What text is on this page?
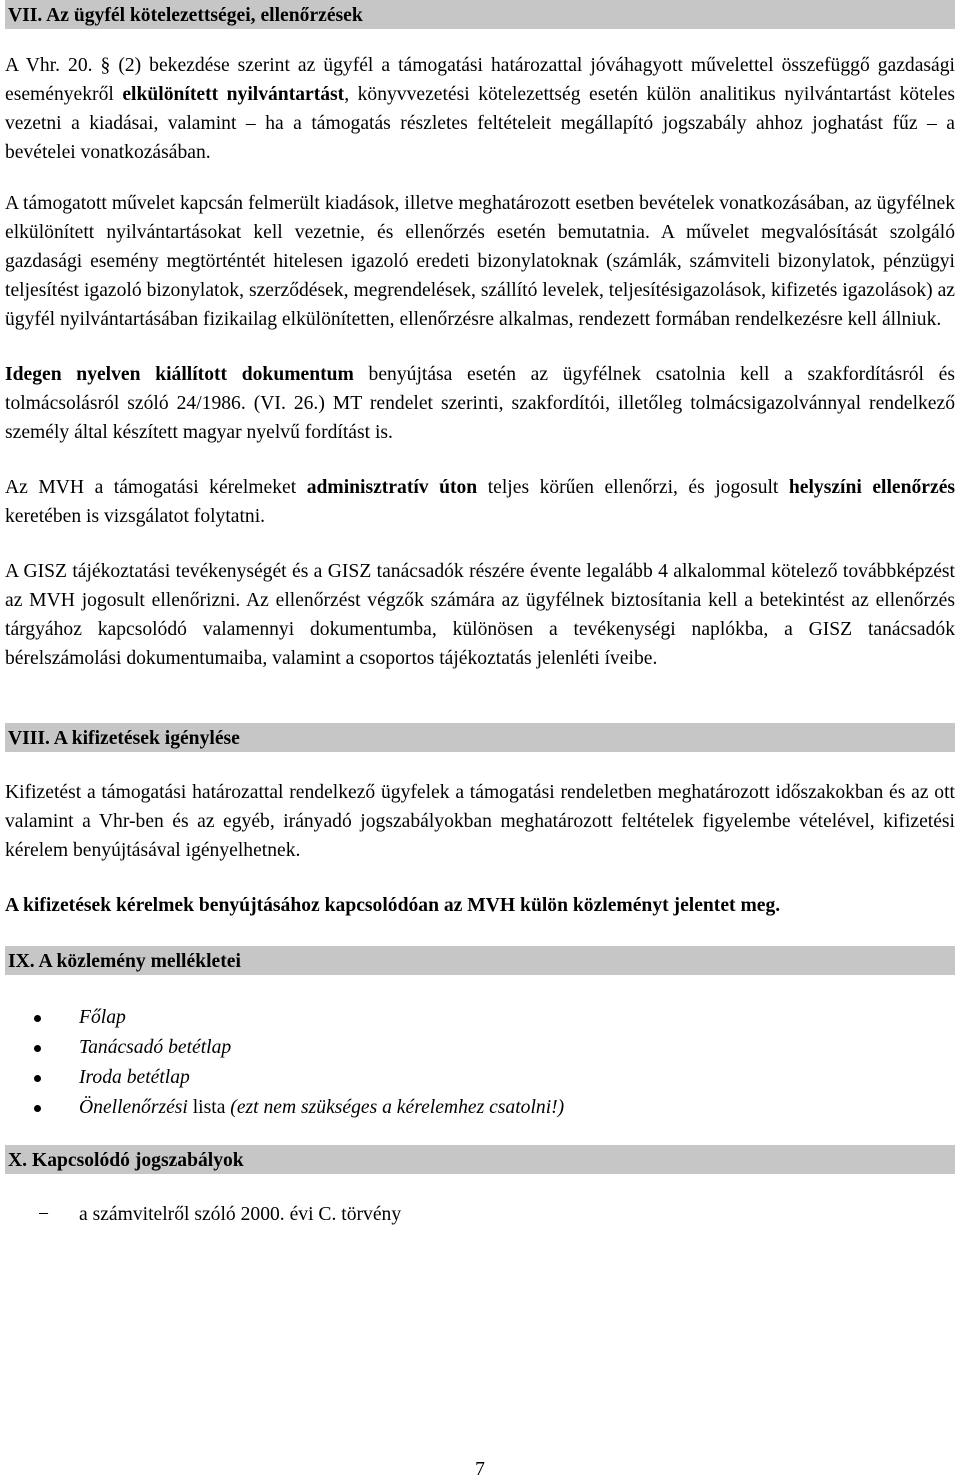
VII. Az ügyfél kötelezettségei, ellenőrzések

A Vhr. 20. § (2) bekezdése szerint az ügyfél a támogatási határozattal jóváhagyott művelettel összefüggő gazdasági eseményekről elkülönített nyilvántartást, könyvvezetési kötelezettség esetén külön analitikus nyilvántartást köteles vezetni a kiadásai, valamint – ha a támogatás részletes feltételeit megállapító jogszabály ahhoz joghatást fűz – a bevételei vonatkozásában.

A támogatott művelet kapcsán felmerült kiadások, illetve meghatározott esetben bevételek vonatkozásában, az ügyfélnek elkülönített nyilvántartásokat kell vezetnie, és ellenőrzés esetén bemutatnia. A művelet megvalósítását szolgáló gazdasági esemény megtörténtét hitelesen igazoló eredeti bizonylatoknak (számlák, számviteli bizonylatok, pénzügyi teljesítést igazoló bizonylatok, szerződések, megrendelések, szállító levelek, teljesítésigazolások, kifizetés igazolások) az ügyfél nyilvántartásában fizikailag elkülönítetten, ellenőrzésre alkalmas, rendezett formában rendelkezésre kell állniuk.

Idegen nyelven kiállított dokumentum benyújtása esetén az ügyfélnek csatolnia kell a szakfordításról és tolmácsolásról szóló 24/1986. (VI. 26.) MT rendelet szerinti, szakfordítói, illetőleg tolmácsigazolvánnyal rendelkező személy által készített magyar nyelvű fordítást is.

Az MVH a támogatási kérelmeket adminisztratív úton teljes körűen ellenőrzi, és jogosult helyszíni ellenőrzés keretében is vizsgálatot folytatni.

A GISZ tájékoztatási tevékenységét és a GISZ tanácsadók részére évente legalább 4 alkalommal kötelező továbbképzést az MVH jogosult ellenőrizni. Az ellenőrzést végzők számára az ügyfélnek biztosítania kell a betekintést az ellenőrzés tárgyához kapcsolódó valamennyi dokumentumba, különösen a tevékenységi naplókba, a GISZ tanácsadók bérelszámolási dokumentumaiba, valamint a csoportos tájékoztatás jelenléti íveibe.

VIII. A kifizetések igénylése

Kifizetést a támogatási határozattal rendelkező ügyfelek a támogatási rendeletben meghatározott időszakokban és az ott valamint a Vhr-ben és az egyéb, irányadó jogszabályokban meghatározott feltételek figyelembe vételével, kifizetési kérelem benyújtásával igényelhetnek.

A kifizetések kérelmek benyújtásához kapcsolódóan az MVH külön közleményt jelentet meg.

IX. A közlemény mellékletei
Főlap
Tanácsadó betétlap
Iroda betétlap
Önellenőrzési lista (ezt nem szükséges a kérelemhez csatolni!)
X. Kapcsolódó jogszabályok
− a számvitelről szóló 2000. évi C. törvény
7
